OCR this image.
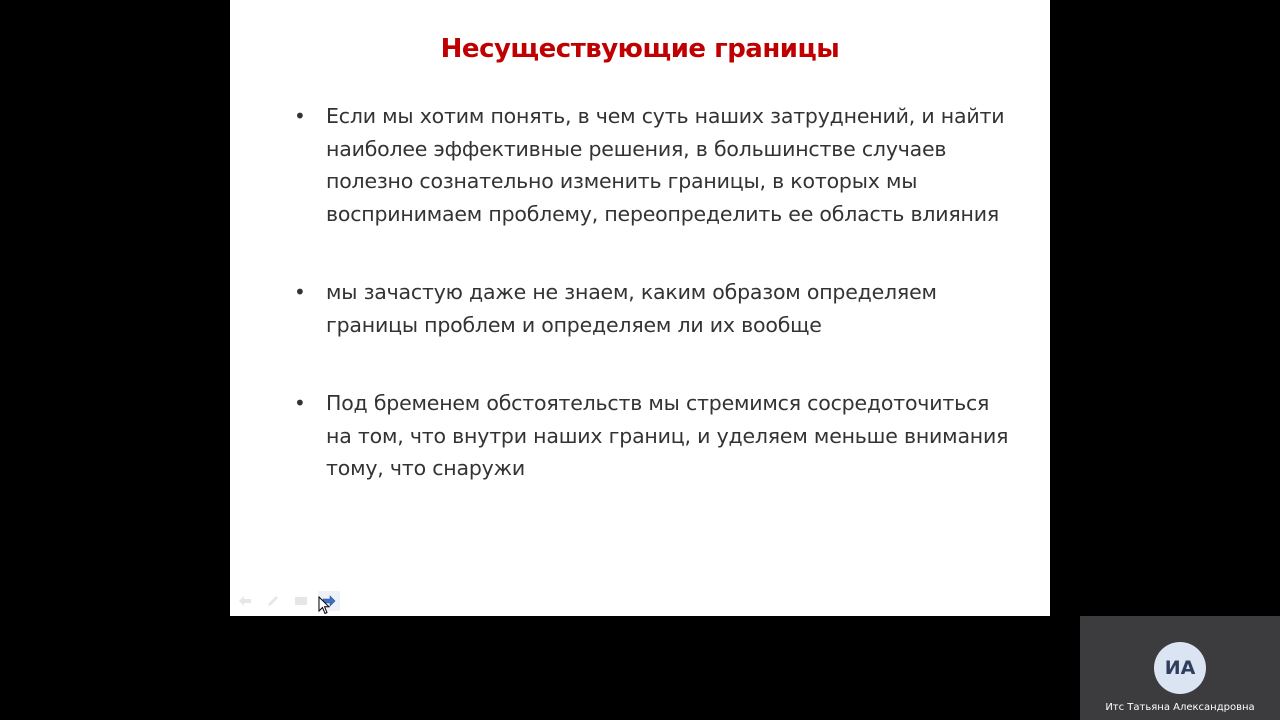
Несуществующие границы
• Если мы хотим понять, в чем суть наших затруднений, и найти наиболее эффективные решения, в большинстве случаев полезно сознательно изменить границы, в которых мы воспринимаем проблему, переопределить ее область влияния
• мы зачастую даже не знаем, каким образом определяем границы проблем и определяем ли их вообще
• Под бременем обстоятельств мы стремимся сосредоточиться на том, что внутри наших границ, и уделяем меньше внимания тому, что снаружи
ИА
Итс Татьяна Александровна
